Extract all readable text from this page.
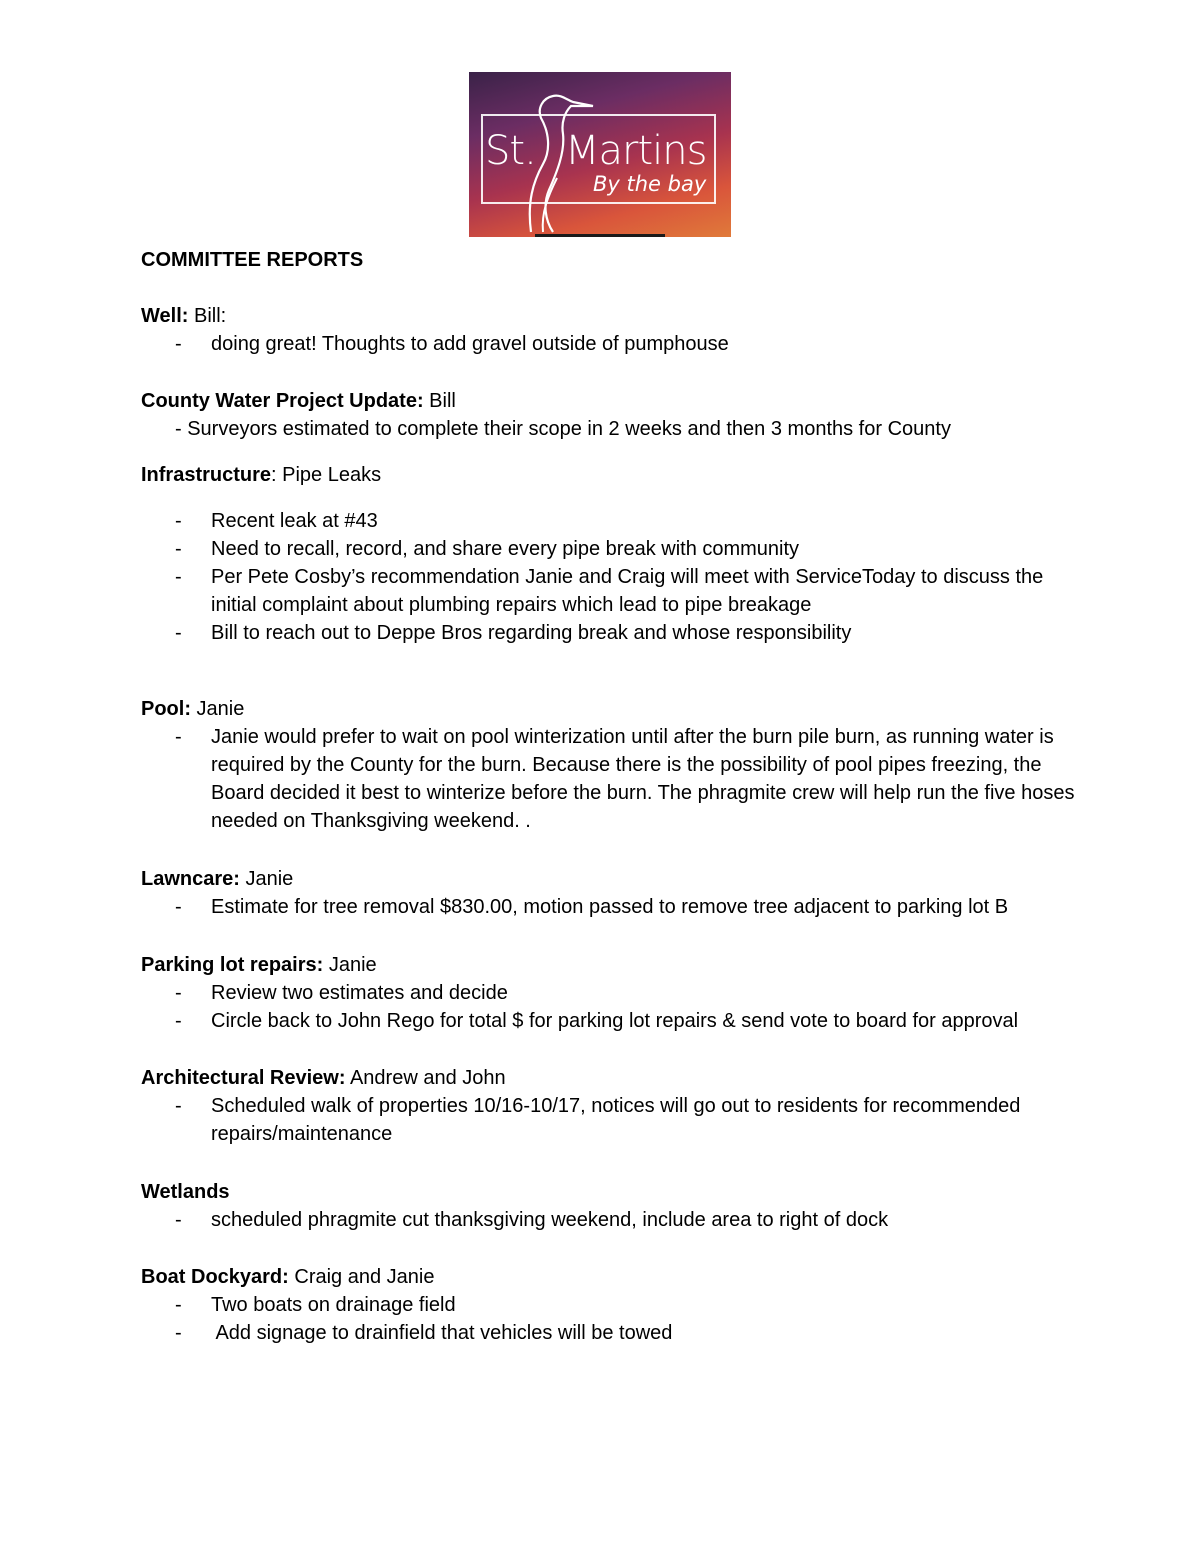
St. Martins
By the bay

COMMITTEE REPORTS

Well: Bill:

- doing great! Thoughts to add gravel outside of pumphouse

County Water Project Update: Bill

- Surveyors estimated to complete their scope in 2 weeks and then 3 months for County

Infrastructure: Pipe Leaks

- Recent leak at #43
- Need to recall, record, and share every pipe break with community
- Per Pete Cosby’s recommendation Janie and Craig will meet with ServiceToday to discuss the initial complaint about plumbing repairs which lead to pipe breakage
- Bill to reach out to Deppe Bros regarding break and whose responsibility

Pool: Janie

- Janie would prefer to wait on pool winterization until after the burn pile burn, as running water is required by the County for the burn. Because there is the possibility of pool pipes freezing, the Board decided it best to winterize before the burn. The phragmite crew will help run the five hoses needed on Thanksgiving weekend. .

Lawncare: Janie

- Estimate for tree removal $830.00, motion passed to remove tree adjacent to parking lot B

Parking lot repairs: Janie

- Review two estimates and decide
- Circle back to John Rego for total $ for parking lot repairs & send vote to board for approval

Architectural Review: Andrew and John

- Scheduled walk of properties 10/16-10/17, notices will go out to residents for recommended repairs/maintenance

Wetlands

- scheduled phragmite cut thanksgiving weekend, include area to right of dock

Boat Dockyard: Craig and Janie

- Two boats on drainage field
-  Add signage to drainfield that vehicles will be towed
